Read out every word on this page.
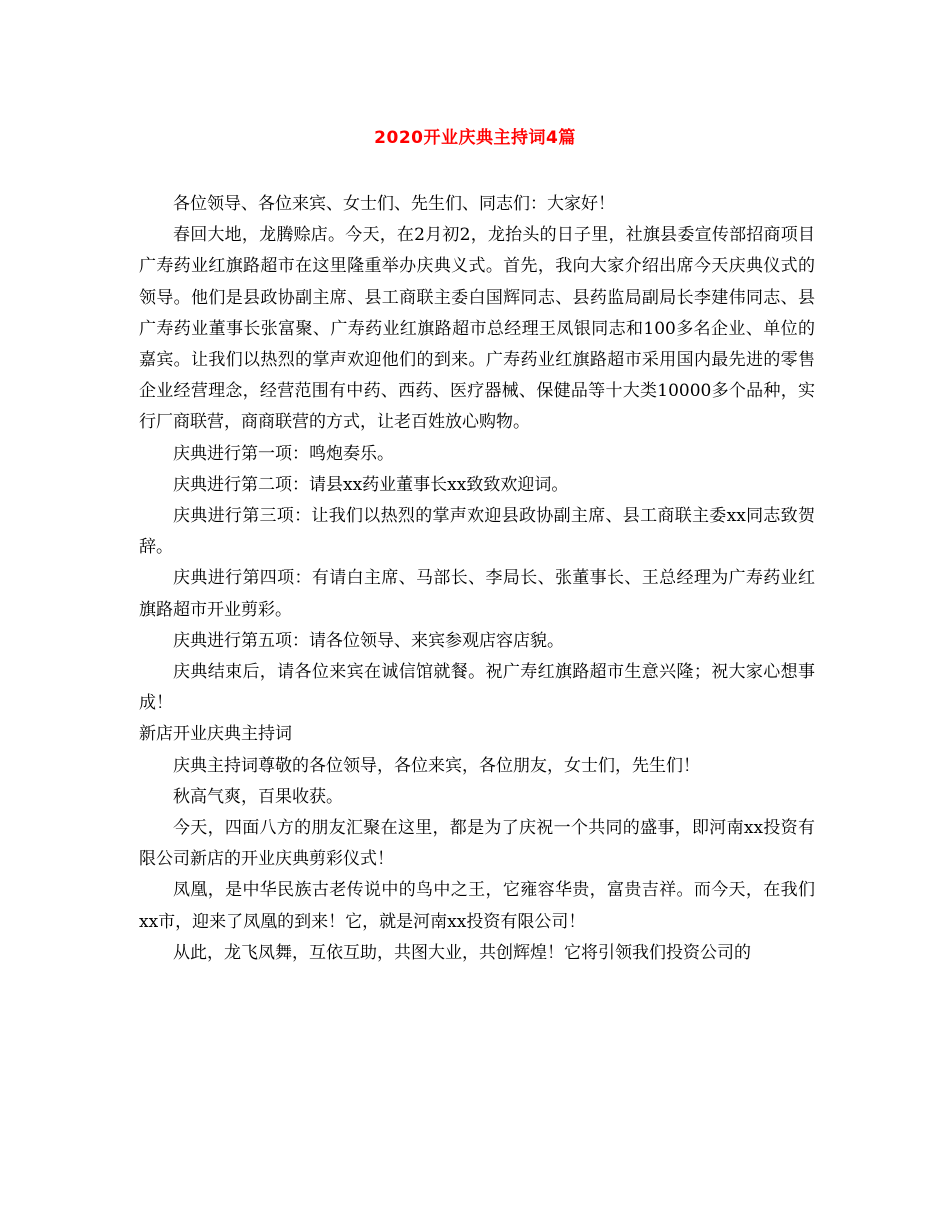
2020开业庆典主持词4篇

各位领导、各位来宾、女士们、先生们、同志们：大家好！

春回大地，龙腾赊店。今天，在2月初2，龙抬头的日子里，社旗县委宣传部招商项目广寿药业红旗路超市在这里隆重举办庆典义式。首先，我向大家介绍出席今天庆典仪式的领导。他们是县政协副主席、县工商联主委白国辉同志、县药监局副局长李建伟同志、县广寿药业董事长张富聚、广寿药业红旗路超市总经理王凤银同志和100多名企业、单位的嘉宾。让我们以热烈的掌声欢迎他们的到来。广寿药业红旗路超市采用国内最先进的零售企业经营理念，经营范围有中药、西药、医疗器械、保健品等十大类10000多个品种，实行厂商联营，商商联营的方式，让老百姓放心购物。

庆典进行第一项：鸣炮奏乐。

庆典进行第二项：请县xx药业董事长xx致致欢迎词。

庆典进行第三项：让我们以热烈的掌声欢迎县政协副主席、县工商联主委xx同志致贺辞。

庆典进行第四项：有请白主席、马部长、李局长、张董事长、王总经理为广寿药业红旗路超市开业剪彩。

庆典进行第五项：请各位领导、来宾参观店容店貌。

庆典结束后，请各位来宾在诚信馆就餐。祝广寿红旗路超市生意兴隆；祝大家心想事成！

新店开业庆典主持词

庆典主持词尊敬的各位领导，各位来宾，各位朋友，女士们，先生们！

秋高气爽，百果收获。

今天，四面八方的朋友汇聚在这里，都是为了庆祝一个共同的盛事，即河南xx投资有限公司新店的开业庆典剪彩仪式！

凤凰，是中华民族古老传说中的鸟中之王，它雍容华贵，富贵吉祥。而今天，在我们xx市，迎来了凤凰的到来！它，就是河南xx投资有限公司！

从此，龙飞凤舞，互依互助，共图大业，共创辉煌！它将引领我们投资公司的
